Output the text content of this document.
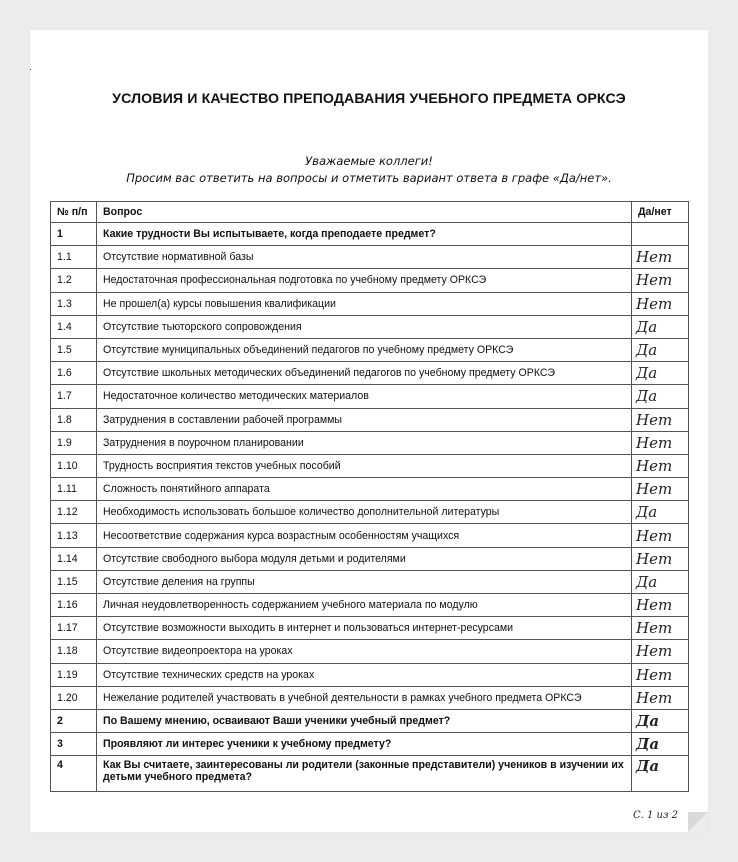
УСЛОВИЯ И КАЧЕСТВО ПРЕПОДАВАНИЯ УЧЕБНОГО ПРЕДМЕТА ОРКСЭ
Уважаемые коллеги!
Просим вас ответить на вопросы и отметить вариант ответа в графе «Да/нет».
№ п/п	Вопрос	Да/нет
1	Какие трудности Вы испытываете, когда преподаете предмет?	
1.1	Отсутствие нормативной базы	Нет
1.2	Недостаточная профессиональная подготовка по учебному предмету ОРКСЭ	Нет
1.3	Не прошел(а) курсы повышения квалификации	Нет
1.4	Отсутствие тьюторского сопровождения	Да
1.5	Отсутствие муниципальных объединений педагогов по учебному предмету ОРКСЭ	Да
1.6	Отсутствие школьных методических объединений педагогов по учебному предмету ОРКСЭ	Да
1.7	Недостаточное количество методических материалов	Да
1.8	Затруднения в составлении рабочей программы	Нет
1.9	Затруднения в поурочном планировании	Нет
1.10	Трудность восприятия текстов учебных пособий	Нет
1.11	Сложность понятийного аппарата	Нет
1.12	Необходимость использовать большое количество дополнительной литературы	Да
1.13	Несоответствие содержания курса возрастным особенностям учащихся	Нет
1.14	Отсутствие свободного выбора модуля детьми и родителями	Нет
1.15	Отсутствие деления на группы	Да
1.16	Личная неудовлетворенность содержанием учебного материала по модулю	Нет
1.17	Отсутствие возможности выходить в интернет и пользоваться интернет-ресурсами	Нет
1.18	Отсутствие видеопроектора на уроках	Нет
1.19	Отсутствие технических средств на уроках	Нет
1.20	Нежелание родителей участвовать в учебной деятельности в рамках учебного предмета ОРКСЭ	Нет
2	По Вашему мнению, осваивают Ваши ученики учебный предмет?	Да
3	Проявляют ли интерес ученики к учебному предмету?	Да
4	Как Вы считаете, заинтересованы ли родители (законные представители) учеников в изучении их детьми учебного предмета?	Да
С. 1 из 2
